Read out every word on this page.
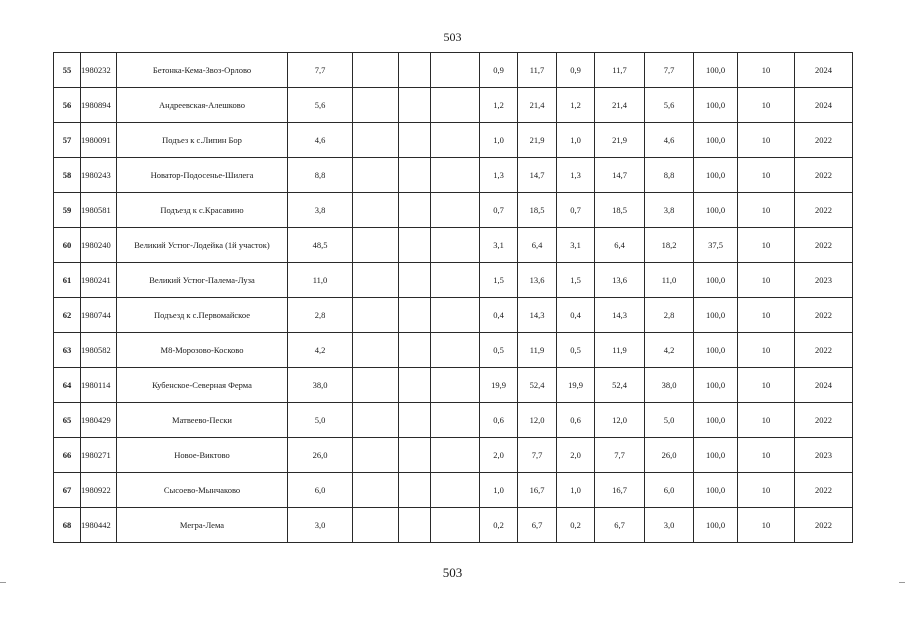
503
55	1980232	Бетонка-Кема-Звоз-Орлово	7,7				0,9	11,7	0,9	11,7	7,7	100,0	10	2024
56	1980894	Андреевская-Алешково	5,6				1,2	21,4	1,2	21,4	5,6	100,0	10	2024
57	1980091	Подъез к с.Липин Бор	4,6				1,0	21,9	1,0	21,9	4,6	100,0	10	2022
58	1980243	Новатор-Подосенье-Шилега	8,8				1,3	14,7	1,3	14,7	8,8	100,0	10	2022
59	1980581	Подъезд к с.Красавино	3,8				0,7	18,5	0,7	18,5	3,8	100,0	10	2022
60	1980240	Великий Устюг-Лодейка (1й участок)	48,5				3,1	6,4	3,1	6,4	18,2	37,5	10	2022
61	1980241	Великий Устюг-Палема-Луза	11,0				1,5	13,6	1,5	13,6	11,0	100,0	10	2023
62	1980744	Подъезд к с.Первомайское	2,8				0,4	14,3	0,4	14,3	2,8	100,0	10	2022
63	1980582	М8-Морозово-Косково	4,2				0,5	11,9	0,5	11,9	4,2	100,0	10	2022
64	1980114	Кубенское-Северная Ферма	38,0				19,9	52,4	19,9	52,4	38,0	100,0	10	2024
65	1980429	Матвеево-Пески	5,0				0,6	12,0	0,6	12,0	5,0	100,0	10	2022
66	1980271	Новое-Виктово	26,0				2,0	7,7	2,0	7,7	26,0	100,0	10	2023
67	1980922	Сысоево-Мынчаково	6,0				1,0	16,7	1,0	16,7	6,0	100,0	10	2022
68	1980442	Мегра-Лема	3,0				0,2	6,7	0,2	6,7	3,0	100,0	10	2022
503
